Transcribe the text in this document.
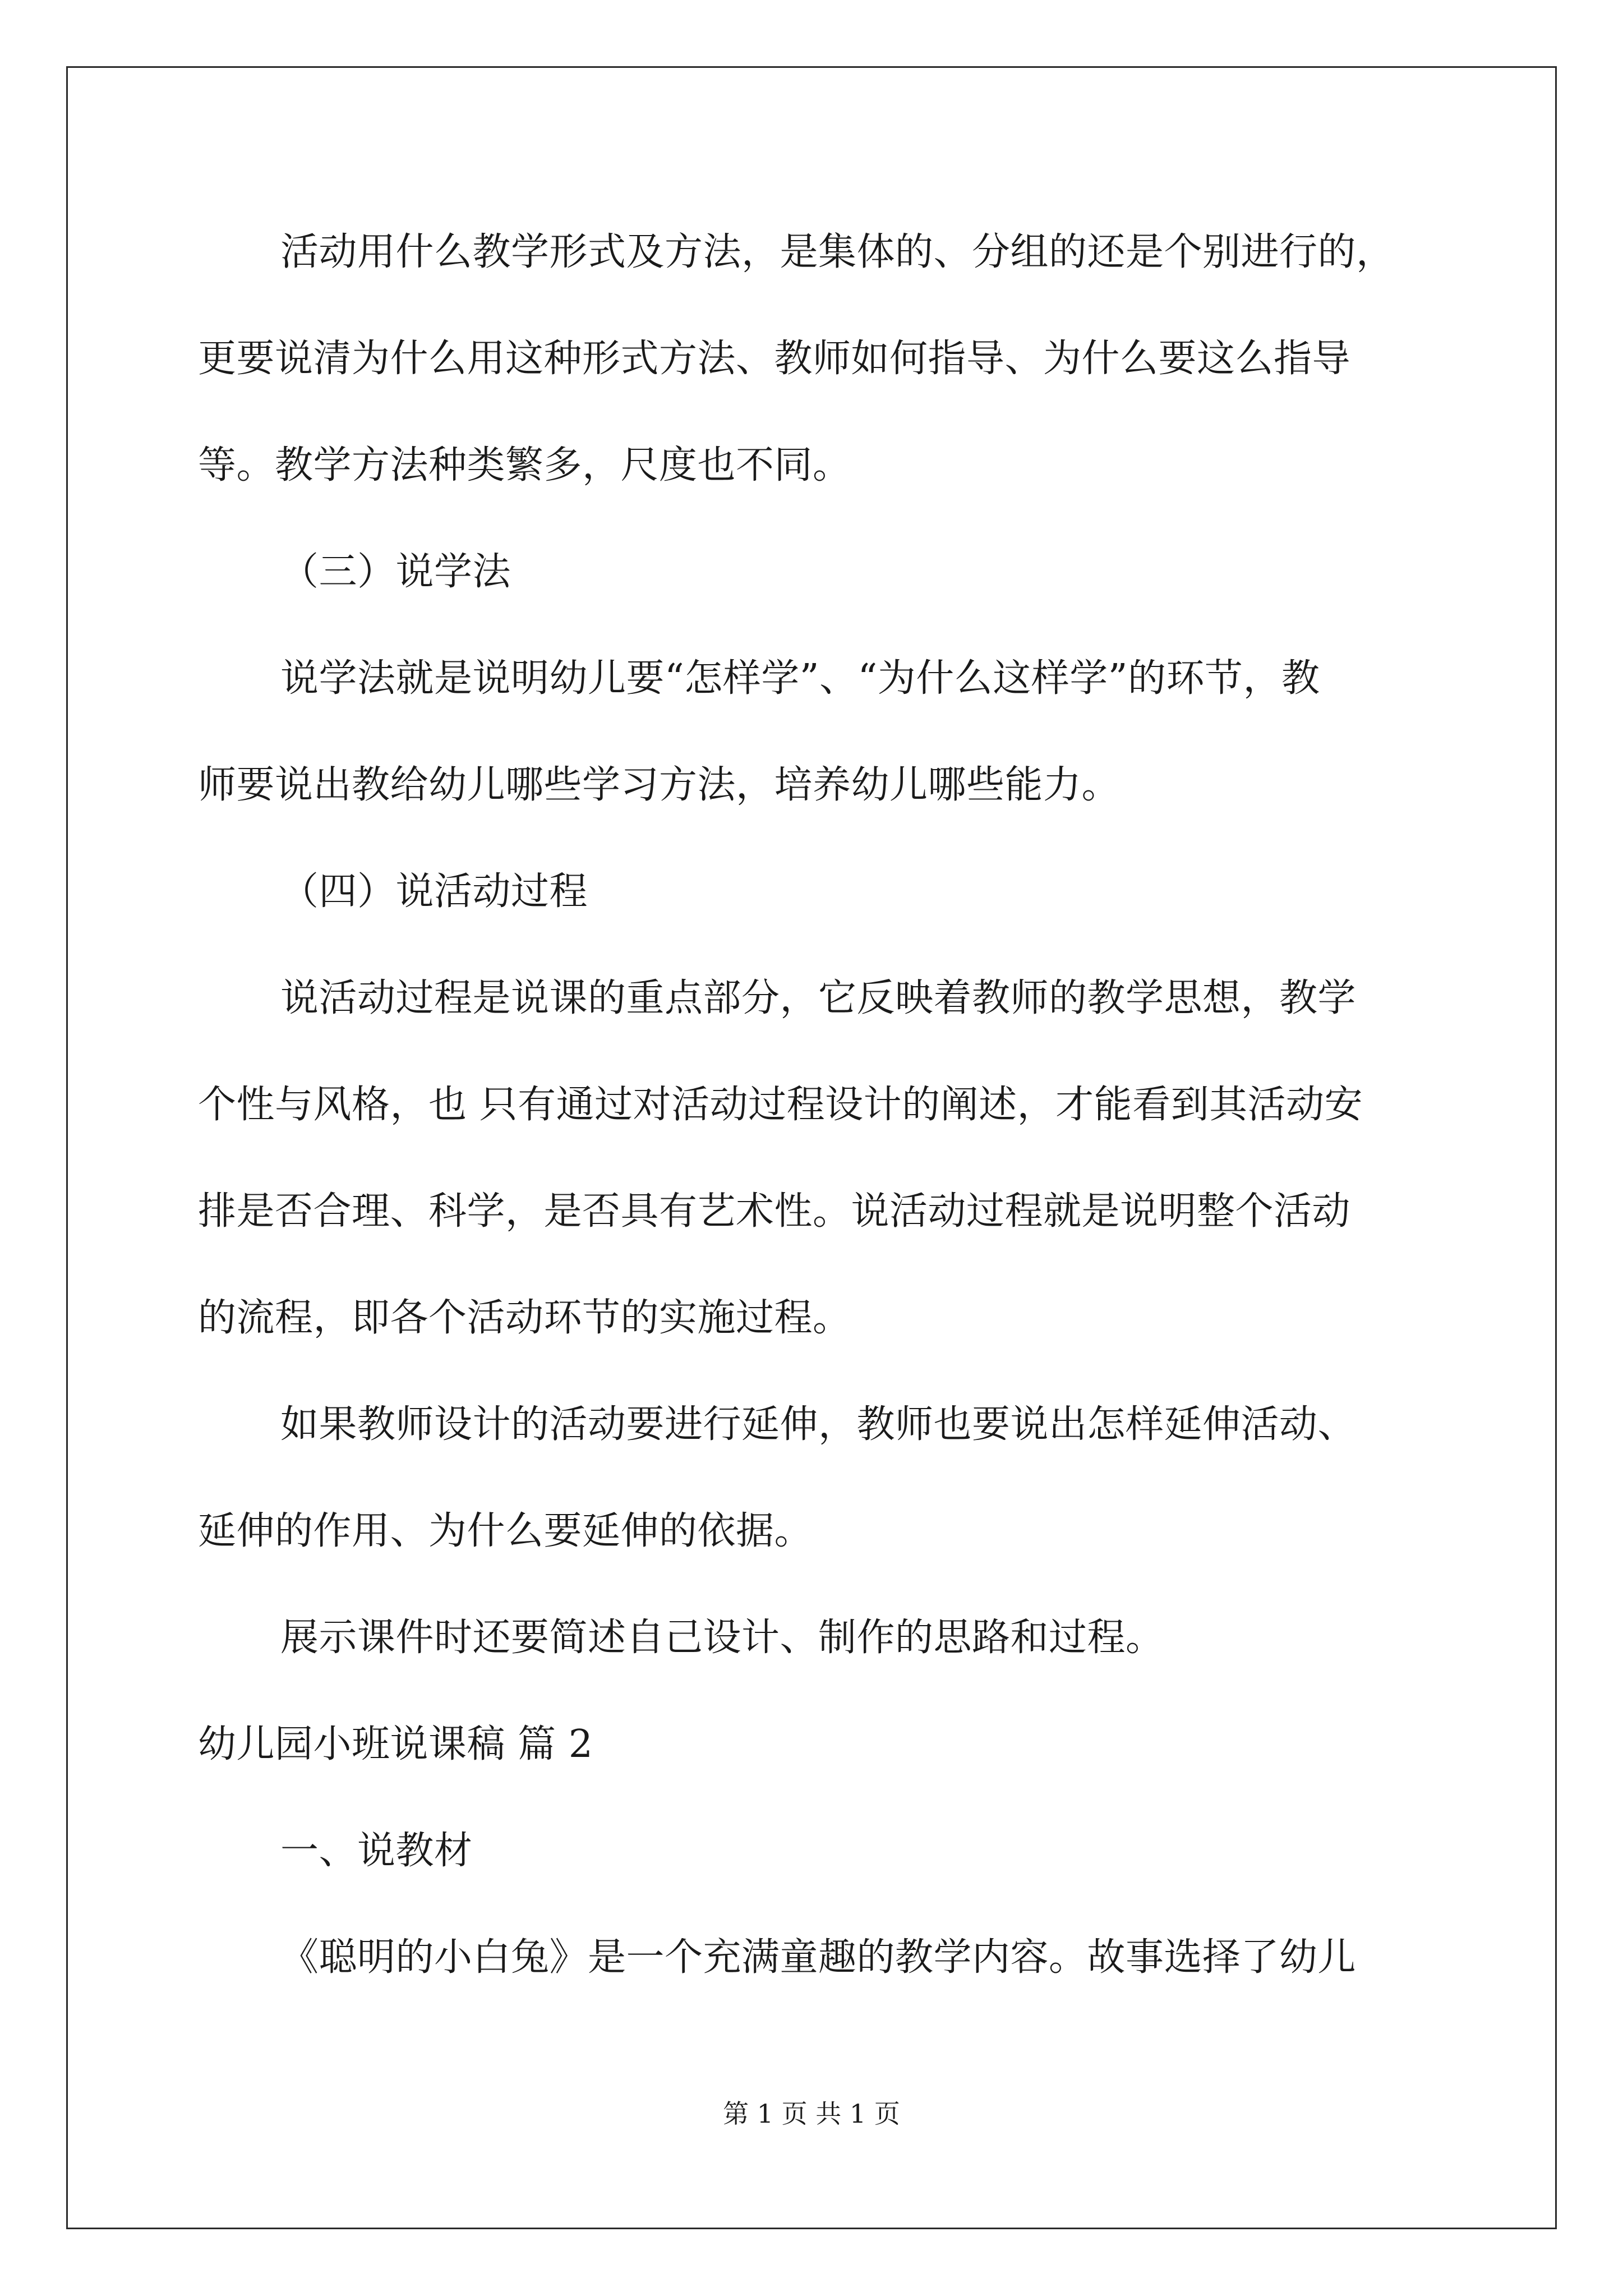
活动用什么教学形式及方法，是集体的、分组的还是个别进行的，
更要说清为什么用这种形式方法、教师如何指导、为什么要这么指导
等。教学方法种类繁多，尺度也不同。
（三）说学法
说学法就是说明幼儿要“怎样学”、“为什么这样学”的环节，教
师要说出教给幼儿哪些学习方法，培养幼儿哪些能力。
（四）说活动过程
说活动过程是说课的重点部分，它反映着教师的教学思想，教学
个性与风格，也 只有通过对活动过程设计的阐述，才能看到其活动安
排是否合理、科学，是否具有艺术性。说活动过程就是说明整个活动
的流程，即各个活动环节的实施过程。
如果教师设计的活动要进行延伸，教师也要说出怎样延伸活动、
延伸的作用、为什么要延伸的依据。
展示课件时还要简述自己设计、制作的思路和过程。
幼儿园小班说课稿 篇 2
一、说教材
《聪明的小白兔》是一个充满童趣的教学内容。故事选择了幼儿
第 1 页 共 1 页
